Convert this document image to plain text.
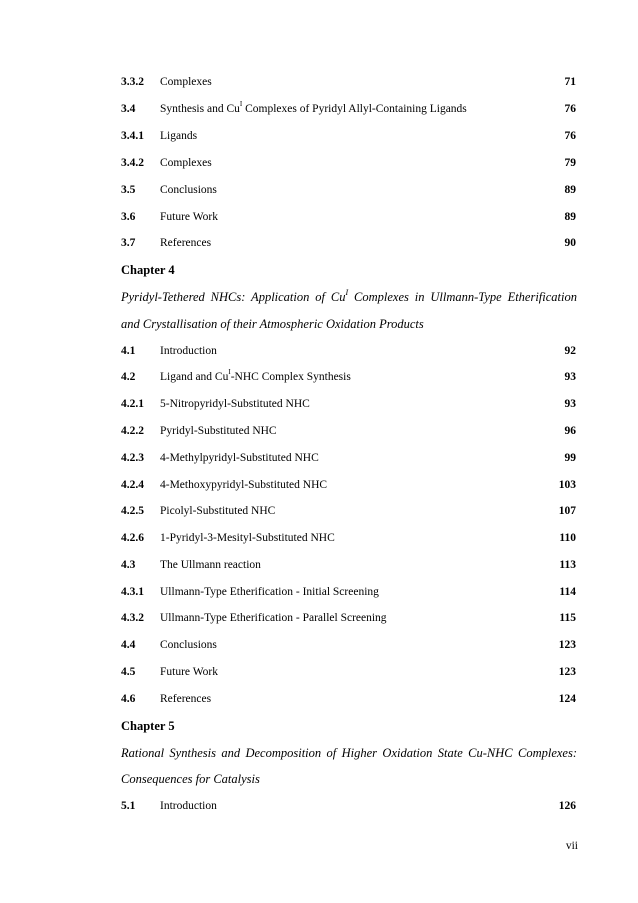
3.3.2 Complexes	71
3.4 Synthesis and $Cu^I$ Complexes of Pyridyl Allyl-Containing Ligands	76
3.4.1 Ligands	76
3.4.2 Complexes	79
3.5 Conclusions	89
3.6 Future Work	89
3.7 References	90
Chapter 4
Pyridyl-Tethered NHCs: Application of $Cu^I$ Complexes in Ullmann-Type Etherification
and Crystallisation of their Atmospheric Oxidation Products
4.1 Introduction	92
4.2 Ligand and $Cu^I$-NHC Complex Synthesis	93
4.2.1 5-Nitropyridyl-Substituted NHC	93
4.2.2 Pyridyl-Substituted NHC	96
4.2.3 4-Methylpyridyl-Substituted NHC	99
4.2.4 4-Methoxypyridyl-Substituted NHC	103
4.2.5 Picolyl-Substituted NHC	107
4.2.6 1-Pyridyl-3-Mesityl-Substituted NHC	110
4.3 The Ullmann reaction	113
4.3.1 Ullmann-Type Etherification - Initial Screening	114
4.3.2 Ullmann-Type Etherification - Parallel Screening	115
4.4 Conclusions	123
4.5 Future Work	123
4.6 References	124
Chapter 5
Rational Synthesis and Decomposition of Higher Oxidation State Cu-NHC Complexes:
Consequences for Catalysis
5.1 Introduction	126
vii
